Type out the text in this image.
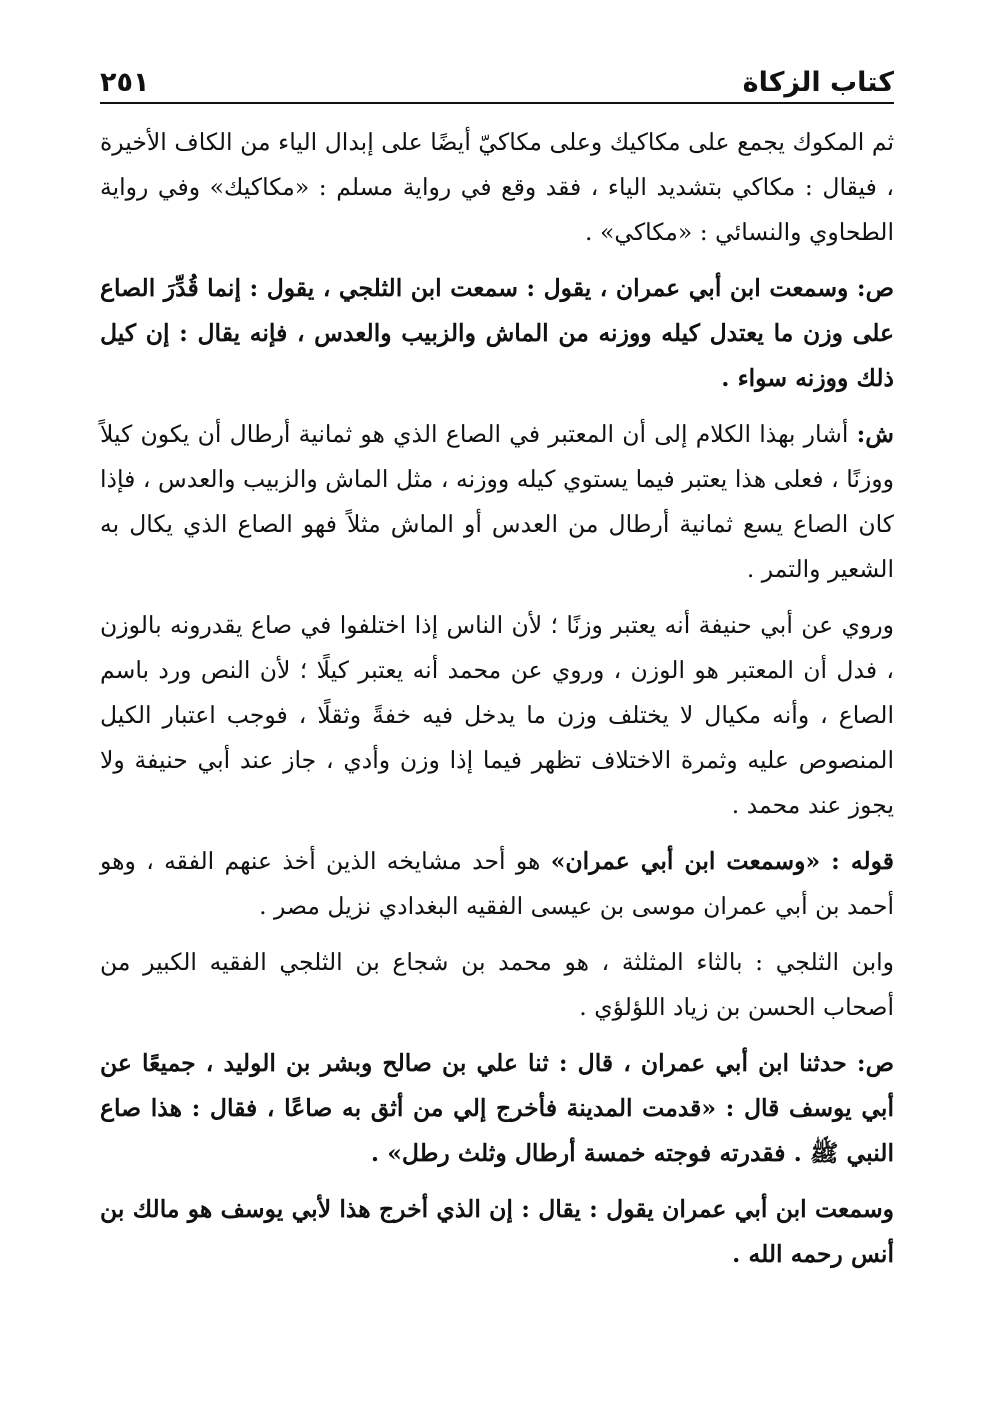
كتاب الزكاة
٢٥١

ثم المكوك يجمع على مكاكيك وعلى مكاكيّ أيضًا على إبدال الياء من الكاف الأخيرة ، فيقال : مكاكي بتشديد الياء ، فقد وقع في رواية مسلم : «مكاكيك» وفي رواية الطحاوي والنسائي : «مكاكي» .

ص: وسمعت ابن أبي عمران ، يقول : سمعت ابن الثلجي ، يقول : إنما قُدِّرَ الصاع على وزن ما يعتدل كيله ووزنه من الماش والزبيب والعدس ، فإنه يقال : إن كيل ذلك ووزنه سواء .

ش: أشار بهذا الكلام إلى أن المعتبر في الصاع الذي هو ثمانية أرطال أن يكون كيلاً ووزنًا ، فعلى هذا يعتبر فيما يستوي كيله ووزنه ، مثل الماش والزبيب والعدس ، فإذا كان الصاع يسع ثمانية أرطال من العدس أو الماش مثلاً فهو الصاع الذي يكال به الشعير والتمر .

وروي عن أبي حنيفة أنه يعتبر وزنًا ؛ لأن الناس إذا اختلفوا في صاع يقدرونه بالوزن ، فدل أن المعتبر هو الوزن ، وروي عن محمد أنه يعتبر كيلًا ؛ لأن النص ورد باسم الصاع ، وأنه مكيال لا يختلف وزن ما يدخل فيه خفةً وثقلًا ، فوجب اعتبار الكيل المنصوص عليه وثمرة الاختلاف تظهر فيما إذا وزن وأدي ، جاز عند أبي حنيفة ولا يجوز عند محمد .

قوله : «وسمعت ابن أبي عمران» هو أحد مشايخه الذين أخذ عنهم الفقه ، وهو أحمد بن أبي عمران موسى بن عيسى الفقيه البغدادي نزيل مصر .

وابن الثلجي : بالثاء المثلثة ، هو محمد بن شجاع بن الثلجي الفقيه الكبير من أصحاب الحسن بن زياد اللؤلؤي .

ص: حدثنا ابن أبي عمران ، قال : ثنا علي بن صالح وبشر بن الوليد ، جميعًا عن أبي يوسف قال : «قدمت المدينة فأخرج إلي من أثق به صاعًا ، فقال : هذا صاع النبي ﷺ . فقدرته فوجته خمسة أرطال وثلث رطل» .

وسمعت ابن أبي عمران يقول : يقال : إن الذي أخرج هذا لأبي يوسف هو مالك بن أنس رحمه الله .
